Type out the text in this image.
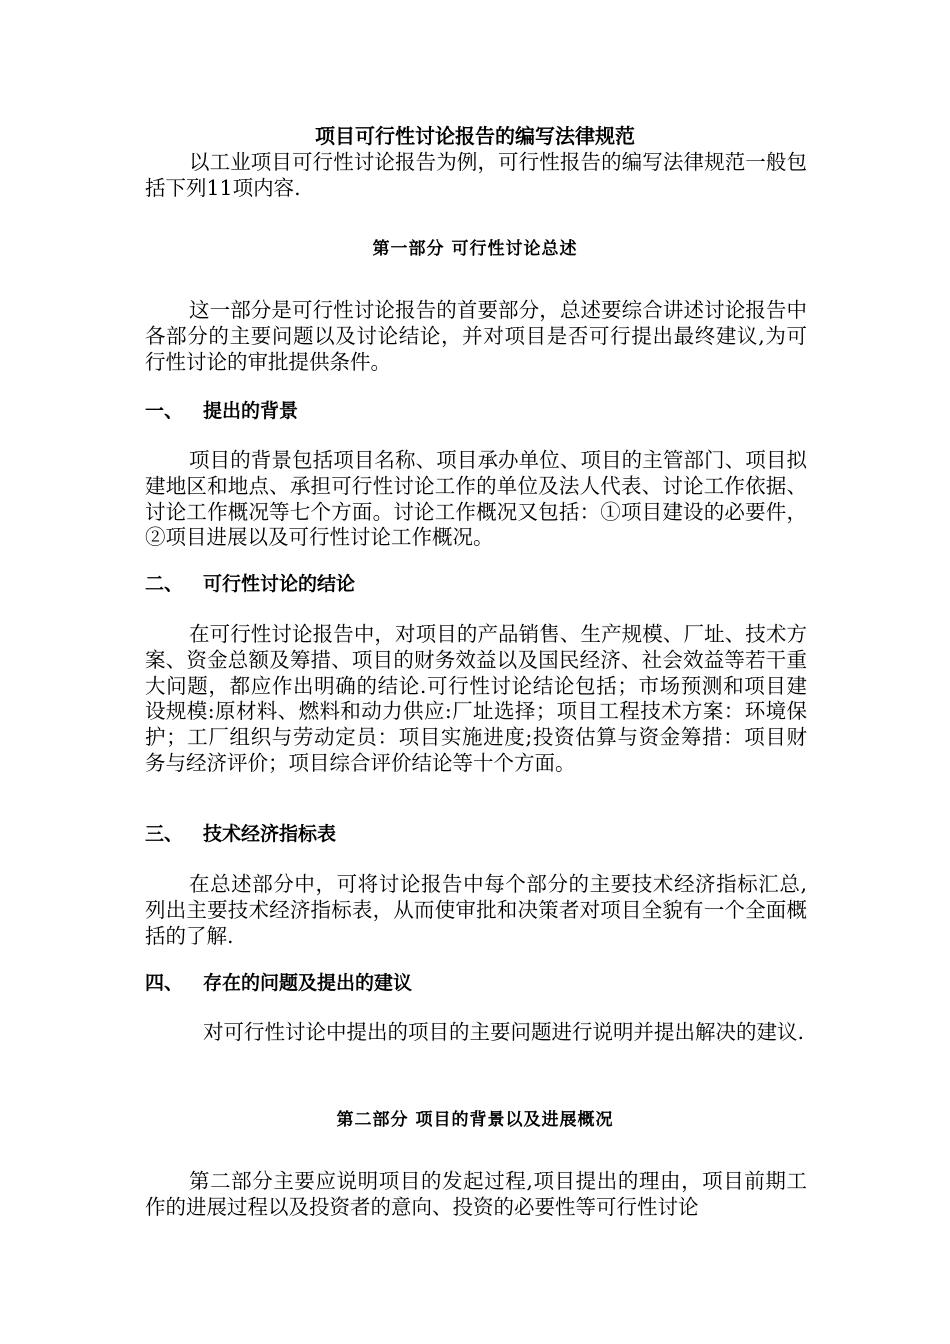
项目可行性讨论报告的编写法律规范

以工业项目可行性讨论报告为例，可行性报告的编写法律规范一般包括下列11项内容.

第一部分 可行性讨论总述

这一部分是可行性讨论报告的首要部分，总述要综合讲述讨论报告中各部分的主要问题以及讨论结论，并对项目是否可行提出最终建议,为可行性讨论的审批提供条件。

一、	提出的背景

项目的背景包括项目名称、项目承办单位、项目的主管部门、项目拟建地区和地点、承担可行性讨论工作的单位及法人代表、讨论工作依据、讨论工作概况等七个方面。讨论工作概况又包括：①项目建设的必要件，②项目进展以及可行性讨论工作概况。

二、	可行性讨论的结论

在可行性讨论报告中，对项目的产品销售、生产规模、厂址、技术方案、资金总额及筹措、项目的财务效益以及国民经济、社会效益等若干重大问题，都应作出明确的结论.可行性讨论结论包括；市场预测和项目建设规模:原材料、燃料和动力供应:厂址选择；项目工程技术方案：环境保护；工厂组织与劳动定员：项目实施进度;投资估算与资金筹措：项目财务与经济评价；项目综合评价结论等十个方面。

三、	技术经济指标表

在总述部分中，可将讨论报告中每个部分的主要技术经济指标汇总,列出主要技术经济指标表，从而使审批和决策者对项目全貌有一个全面概括的了解.

四、	存在的问题及提出的建议

对可行性讨论中提出的项目的主要问题进行说明并提出解决的建议.

第二部分 项目的背景以及进展概况

第二部分主要应说明项目的发起过程,项目提出的理由，项目前期工作的进展过程以及投资者的意向、投资的必要性等可行性讨论
